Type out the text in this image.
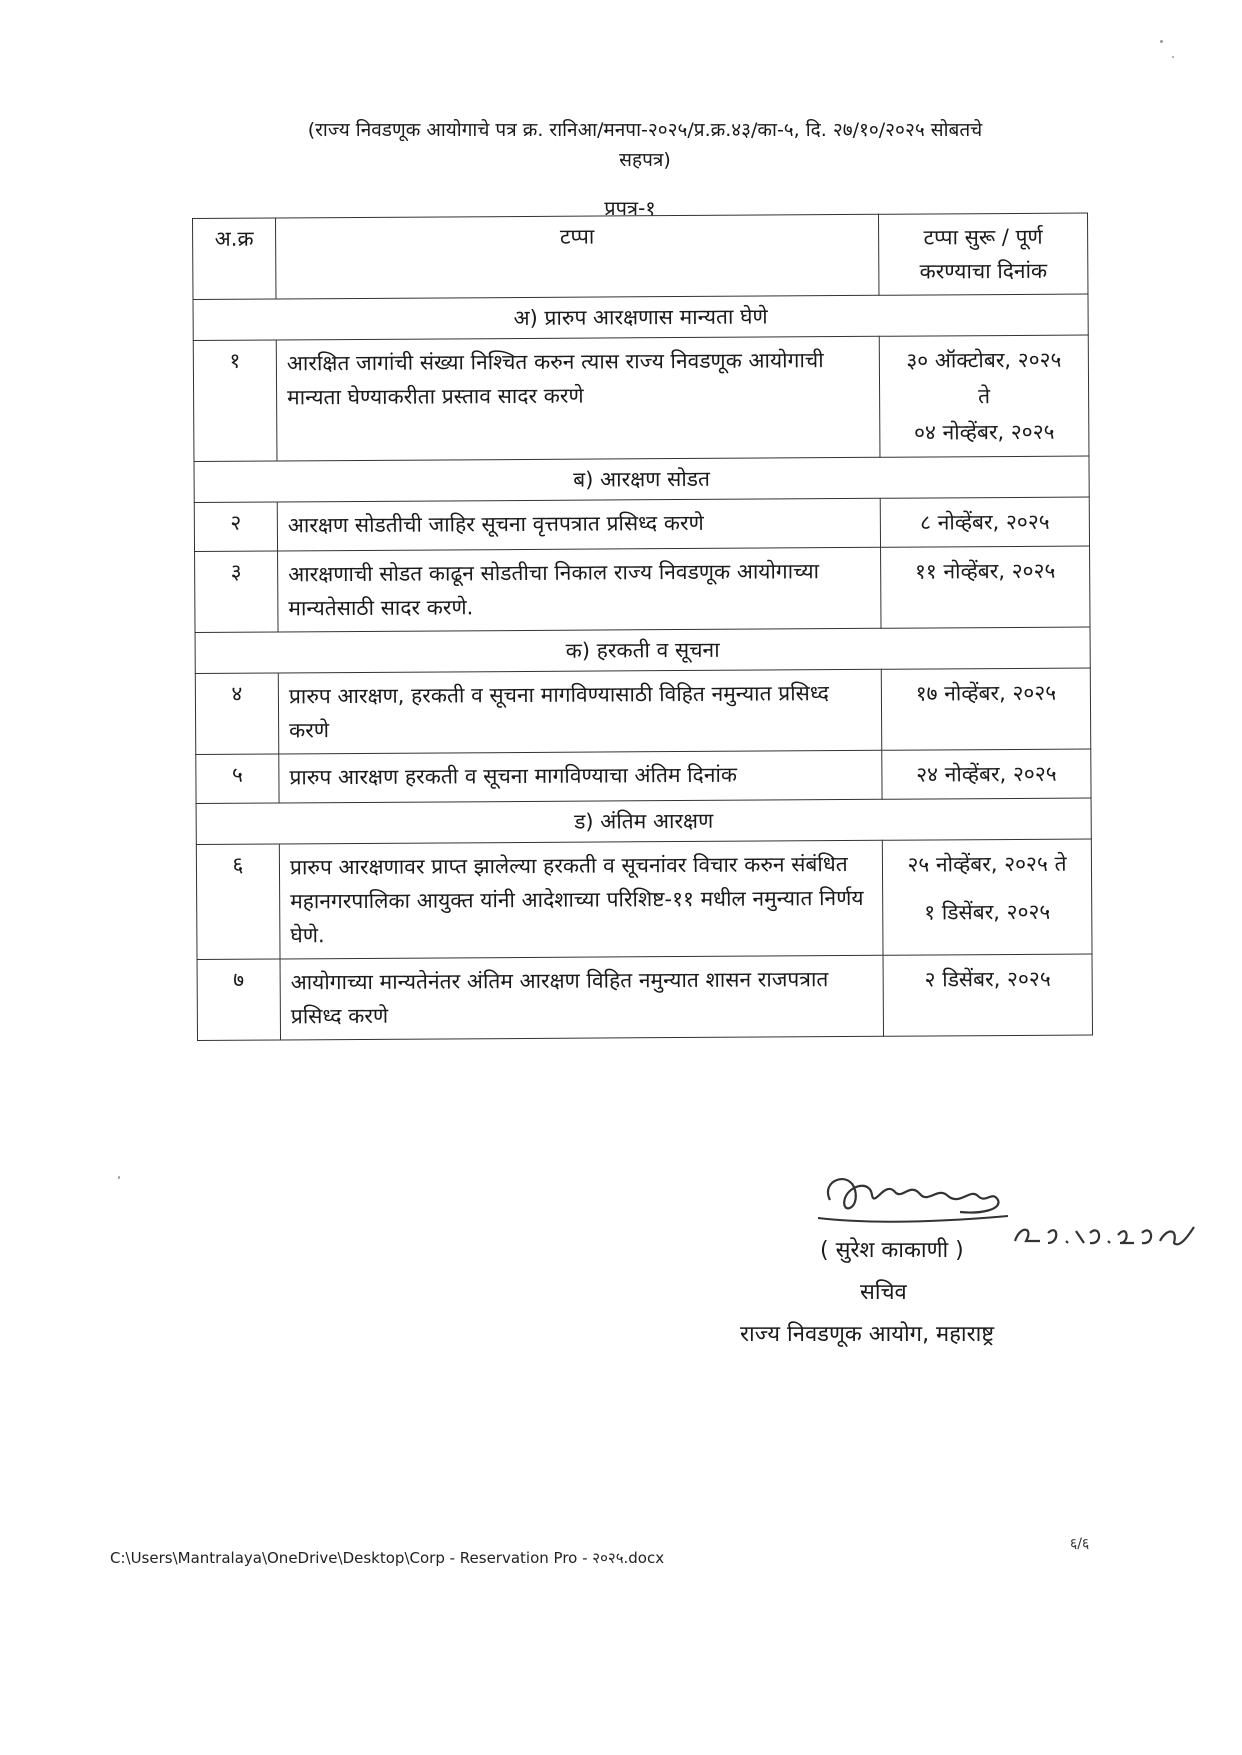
(राज्य निवडणूक आयोगाचे पत्र क्र. रानिआ/मनपा-२०२५/प्र.क्र.४३/का-५, दि. २७/१०/२०२५ सोबतचे
सहपत्र)
प्रपत्र-१
अ.क्र	टप्पा	टप्पा सुरू / पूर्ण करण्याचा दिनांक
अ) प्रारुप आरक्षणास मान्यता घेणे		
१	आरक्षित जागांची संख्या निश्चित करुन त्यास राज्य निवडणूक आयोगाची मान्यता घेण्याकरीता प्रस्ताव सादर करणे	३० ऑक्टोबर, २०२५
ते
०४ नोव्हेंबर, २०२५

ब) आरक्षण सोडत		
२	आरक्षण सोडतीची जाहिर सूचना वृत्तपत्रात प्रसिध्द करणे	८ नोव्हेंबर, २०२५
३	आरक्षणाची सोडत काढून सोडतीचा निकाल राज्य निवडणूक आयोगाच्या मान्यतेसाठी सादर करणे.	११ नोव्हेंबर, २०२५
क) हरकती व सूचना		
४	प्रारुप आरक्षण, हरकती व सूचना मागविण्यासाठी विहित नमुन्यात प्रसिध्द करणे	१७ नोव्हेंबर, २०२५
५	प्रारुप आरक्षण हरकती व सूचना मागविण्याचा अंतिम दिनांक	२४ नोव्हेंबर, २०२५
ड) अंतिम आरक्षण		
६	प्रारुप आरक्षणावर प्राप्त झालेल्या हरकती व सूचनांवर विचार करुन संबंधित महानगरपालिका आयुक्त यांनी आदेशाच्या परिशिष्ट-११ मधील नमुन्यात निर्णय घेणे.	२५ नोव्हेंबर, २०२५ ते
१ डिसेंबर, २०२५

७	आयोगाच्या मान्यतेनंतर अंतिम आरक्षण विहित नमुन्यात शासन राजपत्रात प्रसिध्द करणे	२ डिसेंबर, २०२५
( सुरेश काकाणी )
सचिव
राज्य निवडणूक आयोग, महाराष्ट्र
६/६
C:\Users\Mantralaya\OneDrive\Desktop\Corp - Reservation Pro - २०२५.docx
